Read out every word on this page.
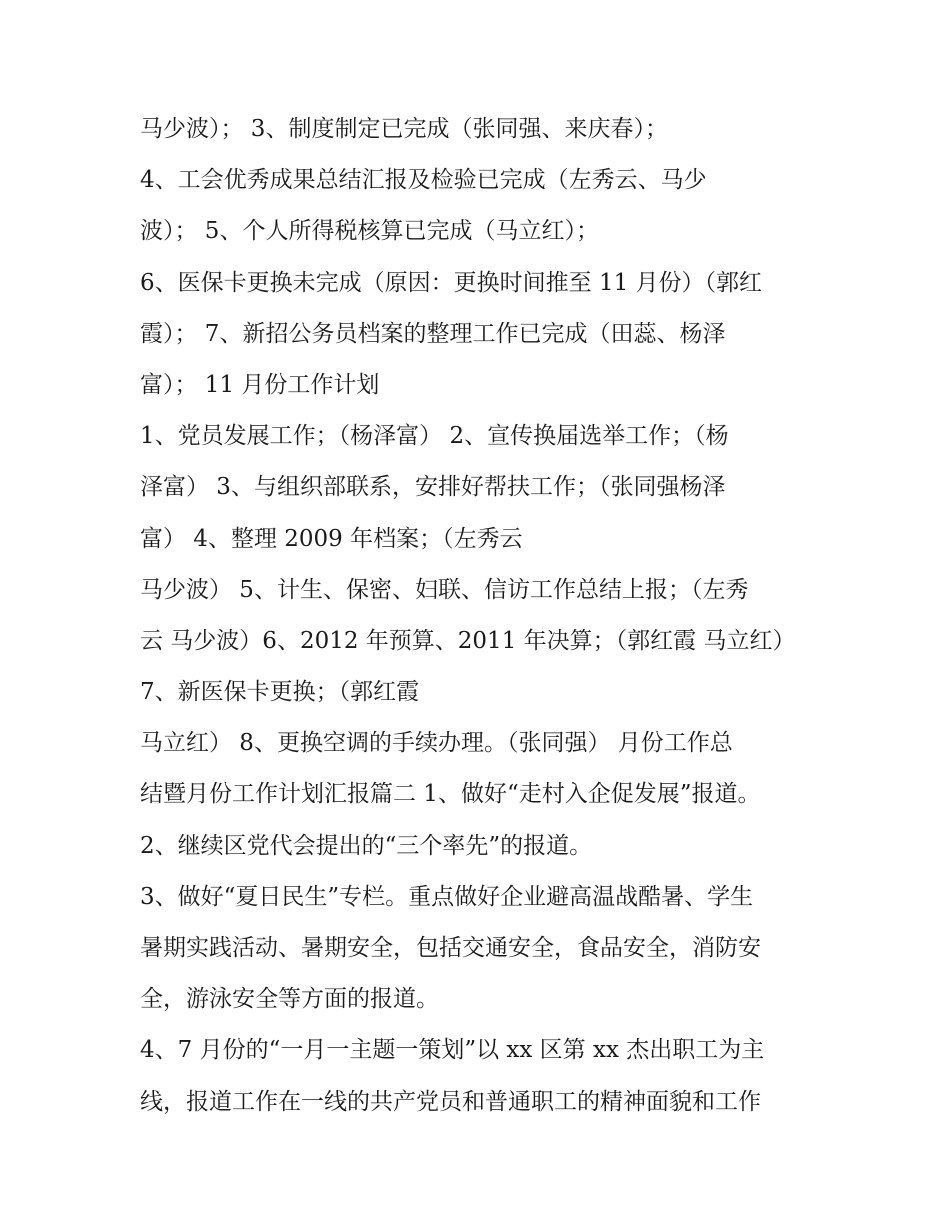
马少波）； 3、制度制定已完成（张同强、来庆春）；
4、工会优秀成果总结汇报及检验已完成（左秀云、马少
波）； 5、个人所得税核算已完成（马立红）；
6、医保卡更换未完成（原因：更换时间推至 11 月份）（郭红
霞）； 7、新招公务员档案的整理工作已完成（田蕊、杨泽
富）； 11 月份工作计划
1、党员发展工作；（杨泽富） 2、宣传换届选举工作；（杨
泽富） 3、与组织部联系，安排好帮扶工作；（张同强杨泽
富） 4、整理 2009 年档案；（左秀云
马少波） 5、计生、保密、妇联、信访工作总结上报；（左秀
云 马少波）6、2012 年预算、2011 年决算；（郭红霞 马立红）
7、新医保卡更换；（郭红霞
马立红） 8、更换空调的手续办理。（张同强） 月份工作总
结暨月份工作计划汇报篇二 1、做好“走村入企促发展”报道。
2、继续区党代会提出的“三个率先”的报道。
3、做好“夏日民生”专栏。重点做好企业避高温战酷暑、学生
暑期实践活动、暑期安全，包括交通安全，食品安全，消防安
全，游泳安全等方面的报道。
4、7 月份的“一月一主题一策划”以 xx 区第 xx 杰出职工为主
线，报道工作在一线的共产党员和普通职工的精神面貌和工作
